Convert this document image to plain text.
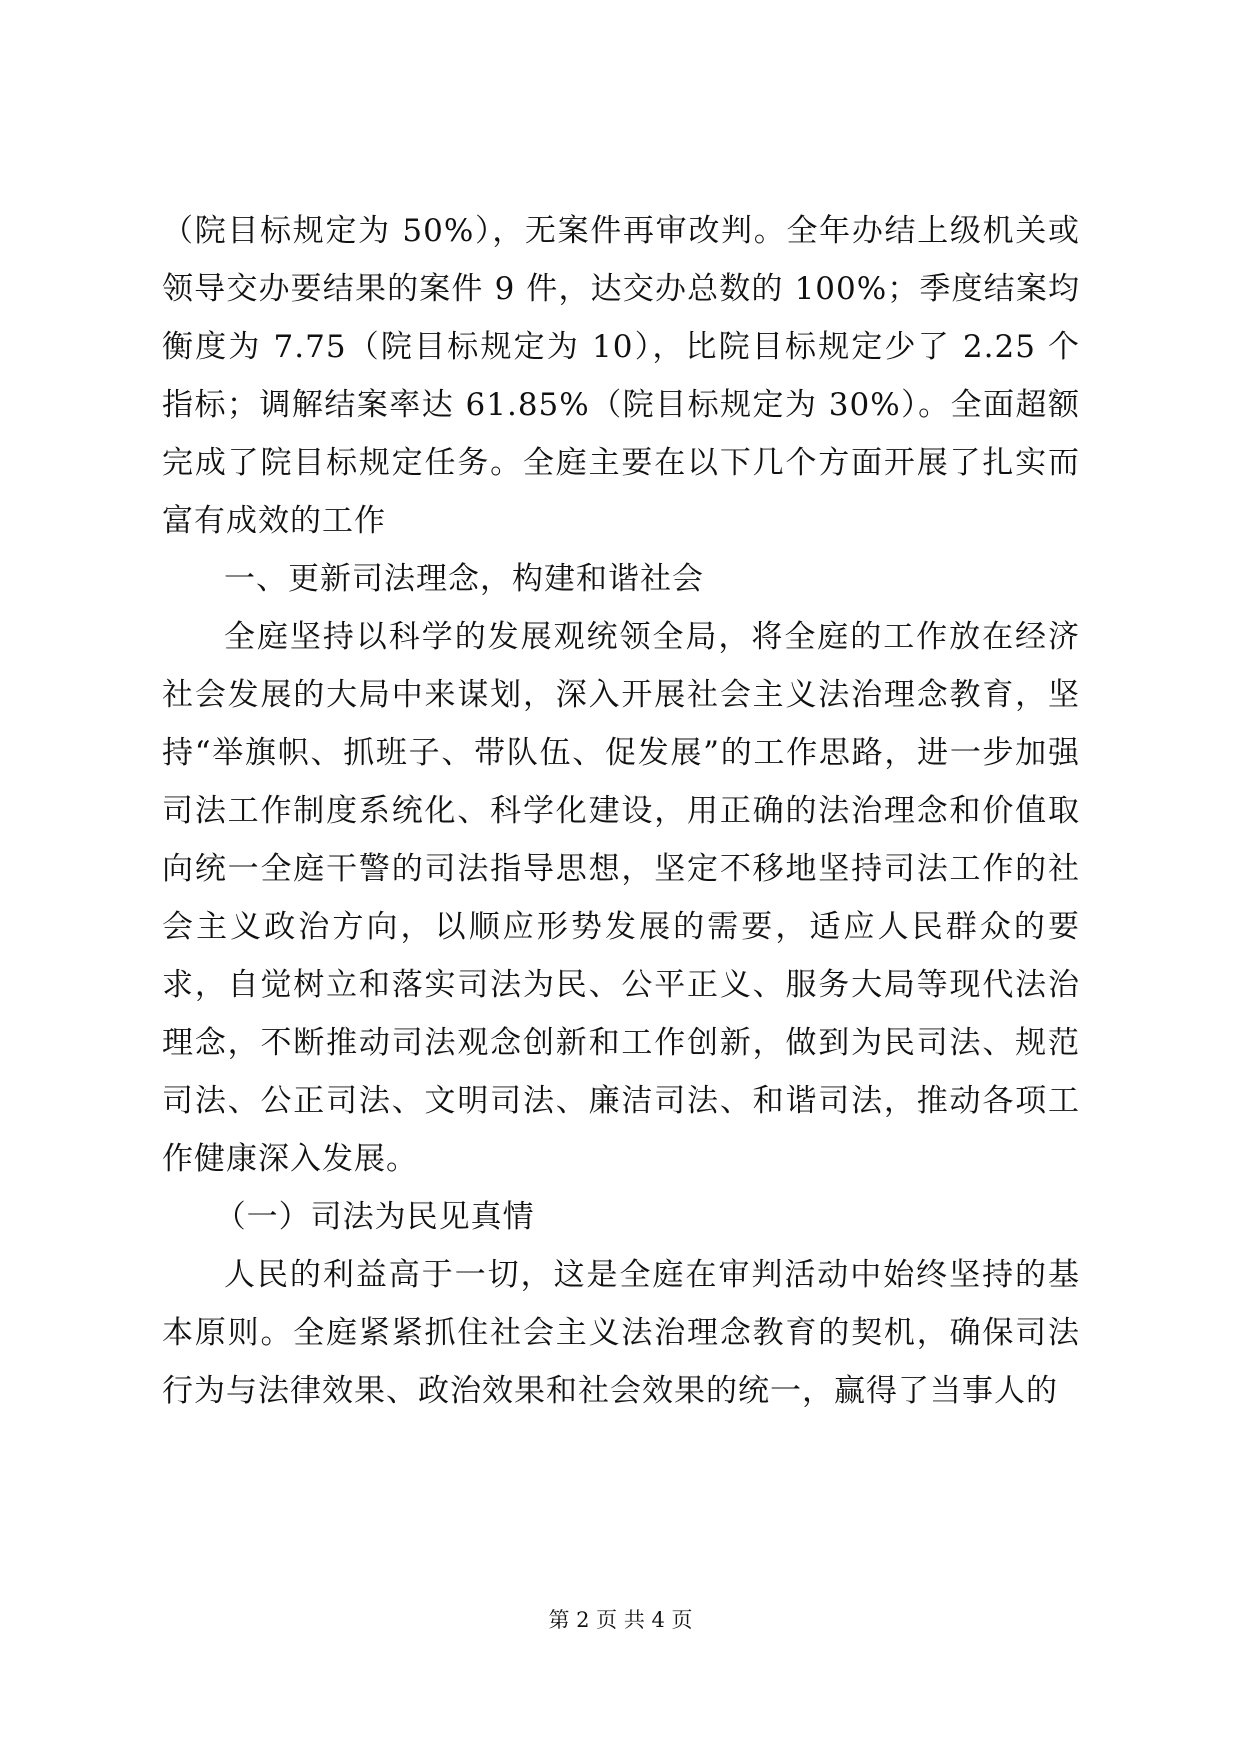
（院目标规定为 50%），无案件再审改判。全年办结上级机关或领导交办要结果的案件 9 件，达交办总数的 100%；季度结案均衡度为 7.75（院目标规定为 10），比院目标规定少了 2.25 个指标；调解结案率达 61.85%（院目标规定为 30%）。全面超额完成了院目标规定任务。全庭主要在以下几个方面开展了扎实而富有成效的工作

一、更新司法理念，构建和谐社会

全庭坚持以科学的发展观统领全局，将全庭的工作放在经济社会发展的大局中来谋划，深入开展社会主义法治理念教育，坚持“举旗帜、抓班子、带队伍、促发展”的工作思路，进一步加强司法工作制度系统化、科学化建设，用正确的法治理念和价值取向统一全庭干警的司法指导思想，坚定不移地坚持司法工作的社会主义政治方向，以顺应形势发展的需要，适应人民群众的要求，自觉树立和落实司法为民、公平正义、服务大局等现代法治理念，不断推动司法观念创新和工作创新，做到为民司法、规范司法、公正司法、文明司法、廉洁司法、和谐司法，推动各项工作健康深入发展。

（一）司法为民见真情

人民的利益高于一切，这是全庭在审判活动中始终坚持的基本原则。全庭紧紧抓住社会主义法治理念教育的契机，确保司法行为与法律效果、政治效果和社会效果的统一，赢得了当事人的

第 2 页 共 4 页
